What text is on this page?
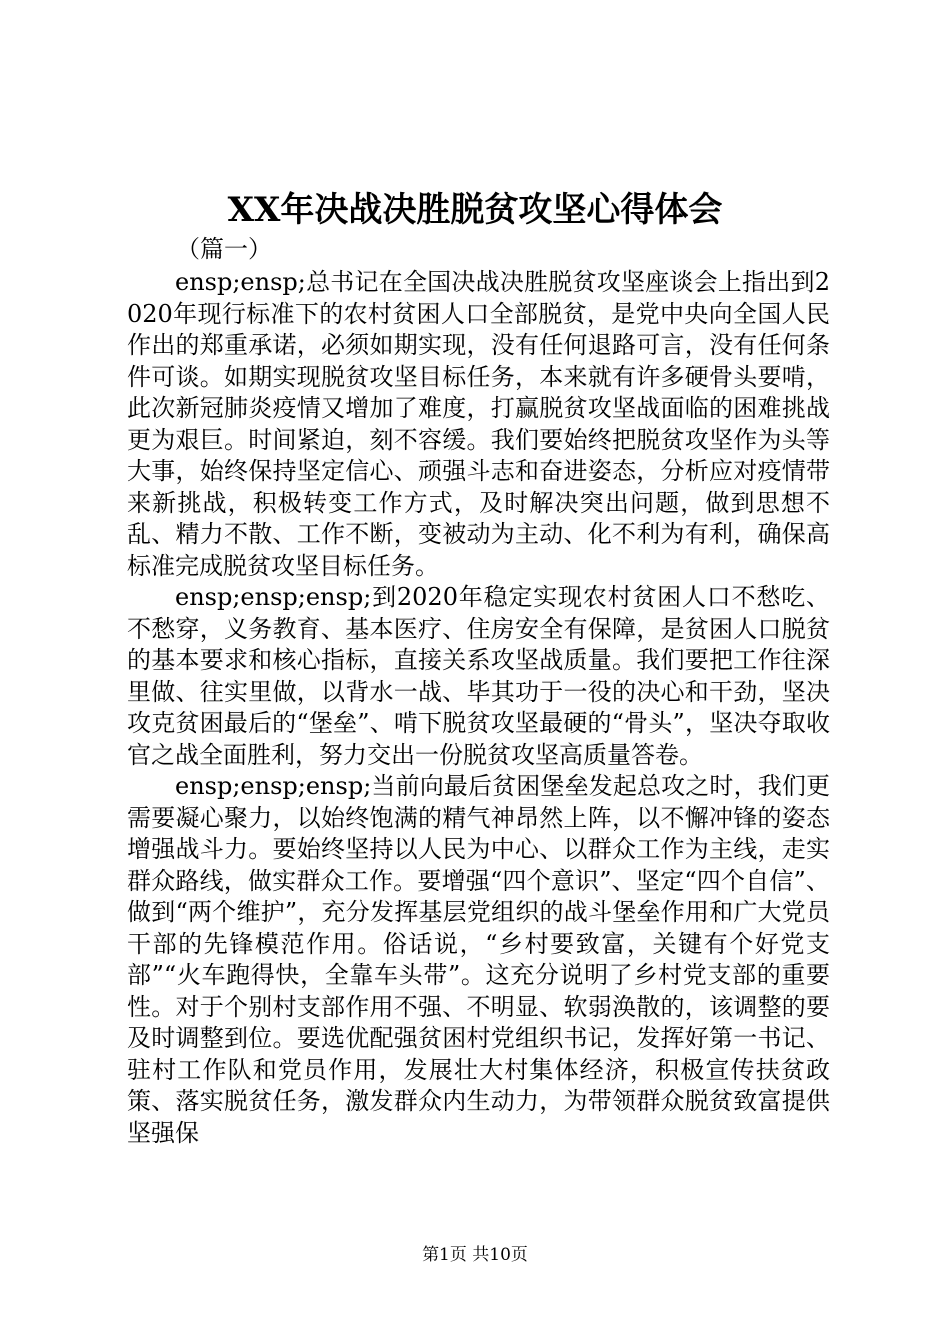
XX年决战决胜脱贫攻坚心得体会
（篇一）

ensp;ensp;总书记在全国决战决胜脱贫攻坚座谈会上指出到2020年现行标准下的农村贫困人口全部脱贫，是党中央向全国人民作出的郑重承诺，必须如期实现，没有任何退路可言，没有任何条件可谈。如期实现脱贫攻坚目标任务，本来就有许多硬骨头要啃，此次新冠肺炎疫情又增加了难度，打赢脱贫攻坚战面临的困难挑战更为艰巨。时间紧迫，刻不容缓。我们要始终把脱贫攻坚作为头等大事，始终保持坚定信心、顽强斗志和奋进姿态，分析应对疫情带来新挑战，积极转变工作方式，及时解决突出问题，做到思想不乱、精力不散、工作不断，变被动为主动、化不利为有利，确保高标准完成脱贫攻坚目标任务。

ensp;ensp;ensp;到2020年稳定实现农村贫困人口不愁吃、不愁穿，义务教育、基本医疗、住房安全有保障，是贫困人口脱贫的基本要求和核心指标，直接关系攻坚战质量。我们要把工作往深里做、往实里做，以背水一战、毕其功于一役的决心和干劲，坚决攻克贫困最后的“堡垒”、啃下脱贫攻坚最硬的“骨头”，坚决夺取收官之战全面胜利，努力交出一份脱贫攻坚高质量答卷。

ensp;ensp;ensp;当前向最后贫困堡垒发起总攻之时，我们更需要凝心聚力，以始终饱满的精气神昂然上阵，以不懈冲锋的姿态增强战斗力。要始终坚持以人民为中心、以群众工作为主线，走实群众路线，做实群众工作。要增强“四个意识”、坚定“四个自信”、做到“两个维护”，充分发挥基层党组织的战斗堡垒作用和广大党员干部的先锋模范作用。俗话说，“乡村要致富，关键有个好党支部”“火车跑得快，全靠车头带”。这充分说明了乡村党支部的重要性。对于个别村支部作用不强、不明显、软弱涣散的，该调整的要及时调整到位。要选优配强贫困村党组织书记，发挥好第一书记、驻村工作队和党员作用，发展壮大村集体经济，积极宣传扶贫政策、落实脱贫任务，激发群众内生动力，为带领群众脱贫致富提供坚强保

第1页 共10页
